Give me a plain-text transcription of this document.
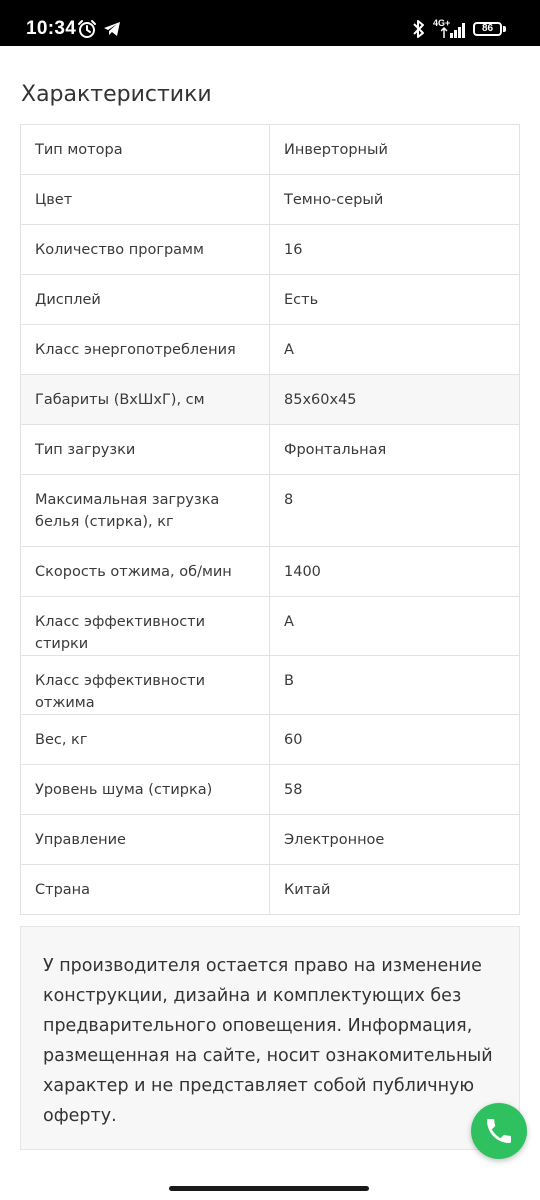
10:34	4G+	86
Характеристики
Тип мотора	Инверторный
Цвет	Темно-серый
Количество программ	16
Дисплей	Есть
Класс энергопотребления	A
Габариты (ВхШхГ), см	85x60x45
Тип загрузки	Фронтальная
Максимальная загрузка белья (стирка), кг	8
Скорость отжима, об/мин	1400
Класс эффективности стирки	A
Класс эффективности отжима	B
Вес, кг	60
Уровень шума (стирка)	58
Управление	Электронное
Страна	Китай
У производителя остается право на изменение конструкции, дизайна и комплектующих без предварительного оповещения. Информация, размещенная на сайте, носит ознакомительный характер и не представляет собой публичную оферту.
